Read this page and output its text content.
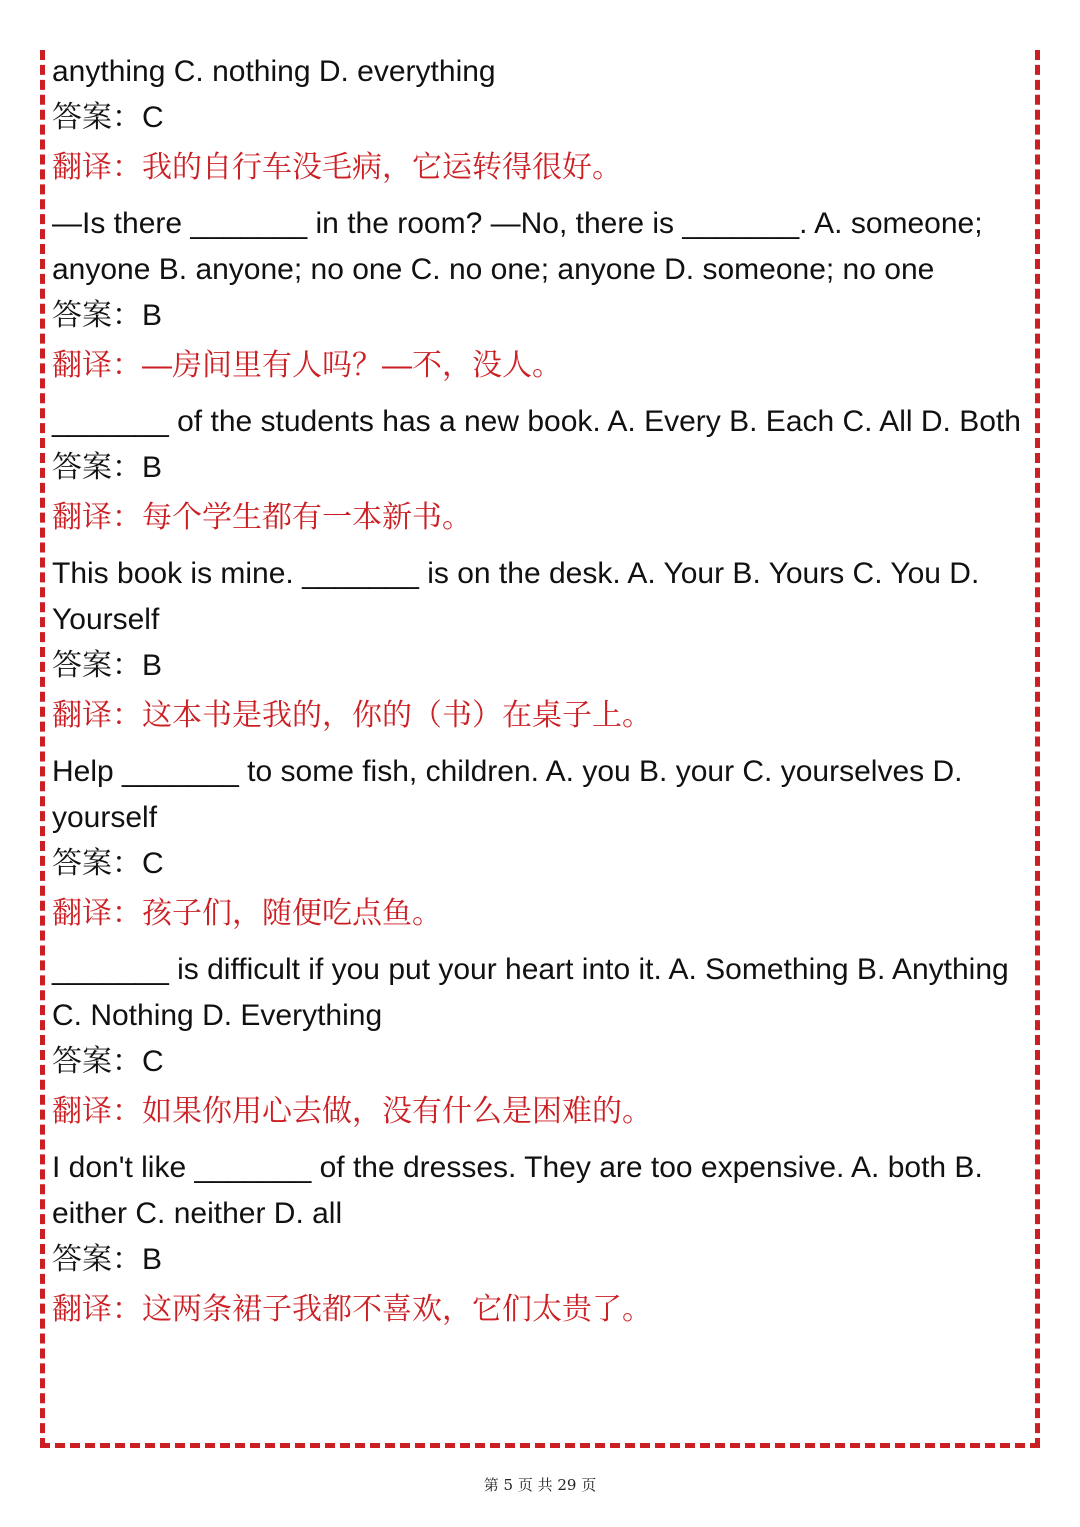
anything C. nothing D. everything

答案：C

翻译：我的自行车没毛病，它运转得很好。

—Is there _______ in the room? —No, there is _______. A. someone; anyone B. anyone; no one C. no one; anyone D. someone; no one

答案：B

翻译：—房间里有人吗？—不，没人。

_______ of the students has a new book. A. Every B. Each C. All D. Both

答案：B

翻译：每个学生都有一本新书。

This book is mine. _______ is on the desk. A. Your B. Yours C. You D. Yourself

答案：B

翻译：这本书是我的，你的（书）在桌子上。

Help _______ to some fish, children. A. you B. your C. yourselves D. yourself

答案：C

翻译：孩子们，随便吃点鱼。

_______ is difficult if you put your heart into it. A. Something B. Anything C. Nothing D. Everything

答案：C

翻译：如果你用心去做，没有什么是困难的。

I don't like _______ of the dresses. They are too expensive. A. both B. either C. neither D. all

答案：B

翻译：这两条裙子我都不喜欢，它们太贵了。

第 5 页 共 29 页
